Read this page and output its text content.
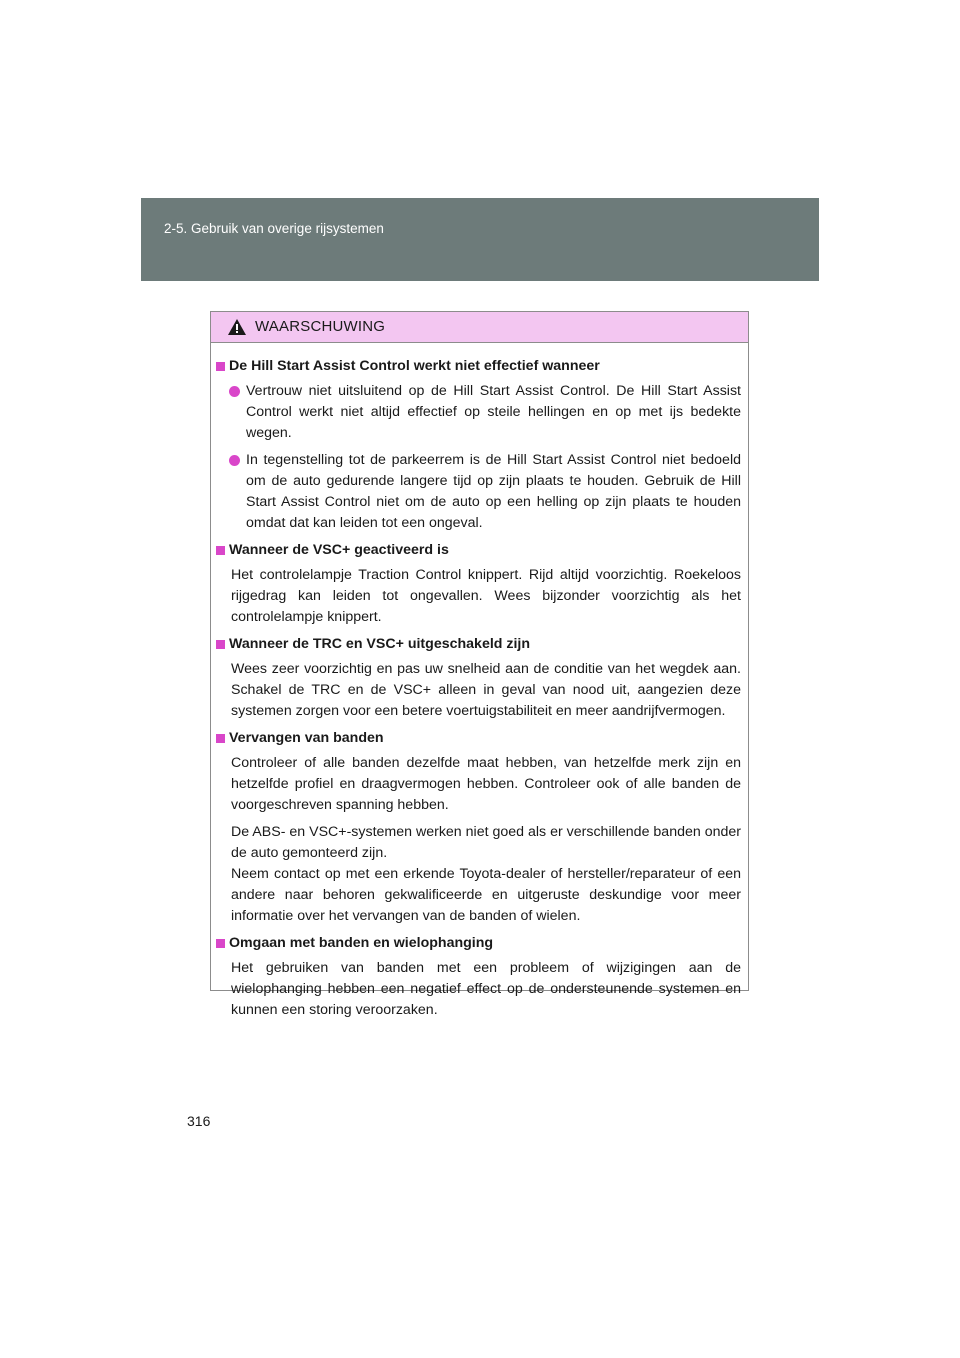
2-5. Gebruik van overige rijsystemen
WAARSCHUWING
De Hill Start Assist Control werkt niet effectief wanneer
Vertrouw niet uitsluitend op de Hill Start Assist Control. De Hill Start Assist Control werkt niet altijd effectief op steile hellingen en op met ijs bedekte wegen.
In tegenstelling tot de parkeerrem is de Hill Start Assist Control niet bedoeld om de auto gedurende langere tijd op zijn plaats te houden. Gebruik de Hill Start Assist Control niet om de auto op een helling op zijn plaats te houden omdat dat kan leiden tot een ongeval.
Wanneer de VSC+ geactiveerd is
Het controlelampje Traction Control knippert. Rijd altijd voorzichtig. Roekeloos rijgedrag kan leiden tot ongevallen. Wees bijzonder voorzichtig als het controlelampje knippert.
Wanneer de TRC en VSC+ uitgeschakeld zijn
Wees zeer voorzichtig en pas uw snelheid aan de conditie van het wegdek aan. Schakel de TRC en de VSC+ alleen in geval van nood uit, aangezien deze systemen zorgen voor een betere voertuigstabiliteit en meer aandrijfvermogen.
Vervangen van banden
Controleer of alle banden dezelfde maat hebben, van hetzelfde merk zijn en hetzelfde profiel en draagvermogen hebben. Controleer ook of alle banden de voorgeschreven spanning hebben.
De ABS- en VSC+-systemen werken niet goed als er verschillende banden onder de auto gemonteerd zijn.
Neem contact op met een erkende Toyota-dealer of hersteller/reparateur of een andere naar behoren gekwalificeerde en uitgeruste deskundige voor meer informatie over het vervangen van de banden of wielen.
Omgaan met banden en wielophanging
Het gebruiken van banden met een probleem of wijzigingen aan de wielophanging hebben een negatief effect op de ondersteunende systemen en kunnen een storing veroorzaken.
316
